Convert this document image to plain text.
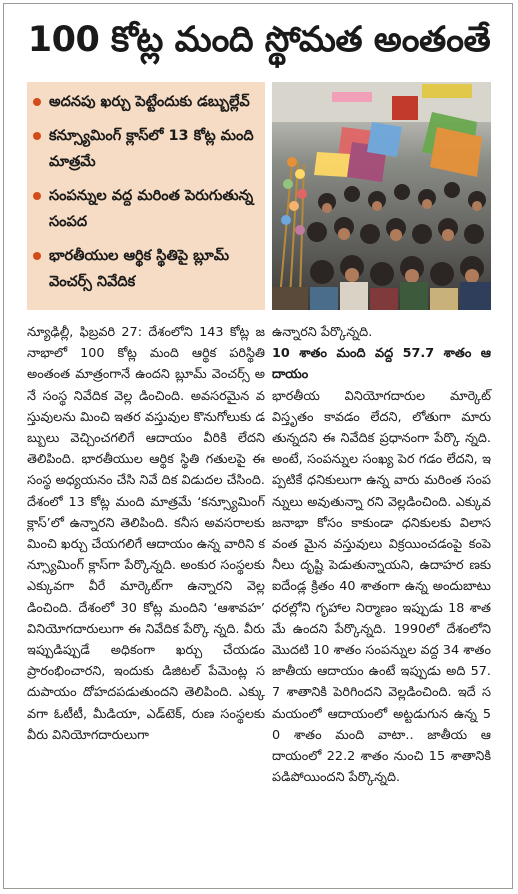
100 కోట్ల మంది స్థోమత అంతంతే
అదనపు ఖర్చు పెట్టేందుకు డబ్బుల్లేవ్
కన్స్యూమింగ్ క్లాస్‌లో 13 కోట్ల మంది మాత్రమే
సంపన్నుల వద్ద మరింత పెరుగుతున్న సంపద
భారతీయుల ఆర్థిక స్థితిపై బ్లూమ్ వెంచర్స్ నివేదిక

న్యూఢిల్లీ, ఫిబ్రవరి 27: దేశంలోని 143 కోట్ల జనాభాలో 100 కోట్ల మంది ఆర్థిక పరిస్థితి అంతంత మాత్రంగానే ఉందని బ్లూమ్ వెంచర్స్ అనే సంస్థ నివేదిక వెల్ల డించింది. అవసరమైన వస్తువులను మించి ఇతర వస్తువుల కొనుగోలుకు డబ్బులు వెచ్చించగలిగే ఆదాయం వీరికి లేదని తెలిపింది. భారతీయుల ఆర్థిక స్థితి గతులపై ఈ సంస్థ అధ్యయనం చేసి నివే దిక విడుదల చేసింది. దేశంలో 13 కోట్ల మంది మాత్రమే ‘కన్స్యూమింగ్ క్లాస్’లో ఉన్నారని తెలిపింది. కనీస అవసరాలకు మించి ఖర్చు చేయగలిగే ఆదాయం ఉన్న వారిని కన్స్యూమింగ్ క్లాస్‌గా పేర్కొన్నది. అంకుర సంస్థలకు ఎక్కువగా వీరే మార్కెట్‌గా ఉన్నారని వెల్లడించింది. దేశంలో 30 కోట్ల మందిని ‘ఆశావహ’ వినియోగదారులుగా ఈ నివేదిక పేర్కొ న్నది. వీరు ఇప్పుడిప్పుడే అధికంగా ఖర్చు చేయడం ప్రారంభించారని, ఇందుకు డిజిటల్ పేమెంట్ల సదుపాయం దోహదపడుతుందని తెలిపింది. ఎక్కు వగా ఓటీటీ, మీడియా, ఎడ్‌టెక్, రుణ సంస్థలకు వీరు వినియోగదారులుగా

ఉన్నారని పేర్కొన్నది.

10 శాతం మంది వద్ద 57.7 శాతం ఆదాయం

భారతీయ వినియోగదారుల మార్కెట్ విస్తృతం కావడం లేదని, లోతుగా మారు తున్నదని ఈ నివేదిక ప్రధానంగా పేర్కొ న్నది. అంటే, సంపన్నుల సంఖ్య పెర గడం లేదని, ఇప్పటికే ధనికులుగా ఉన్న వారు మరింత సంపన్నులు అవుతున్నా రని వెల్లడించింది. ఎక్కువ జనాభా కోసం కాకుండా ధనికులకు విలాసవంత మైన వస్తువులు విక్రయించడంపై కంపె నీలు దృష్టి పెడుతున్నాయని, ఉదాహర ణకు ఐదేండ్ల క్రితం 40 శాతంగా ఉన్న అందుబాటు ధరల్లోని గృహాల నిర్మాణం ఇప్పుడు 18 శాతమే ఉందని పేర్కొన్నది. 1990లో దేశంలోని మొదటి 10 శాతం సంపన్నుల వద్ద 34 శాతం జాతీయ ఆదాయం ఉంటే ఇప్పుడు అది 57.7 శాతానికి పెరిగిందని వెల్లడించింది. ఇదే సమయంలో ఆదాయంలో అట్టడుగున ఉన్న 50 శాతం మంది వాటా.. జాతీయ ఆదాయంలో 22.2 శాతం నుంచి 15 శాతానికి పడిపోయిందని పేర్కొన్నది.
